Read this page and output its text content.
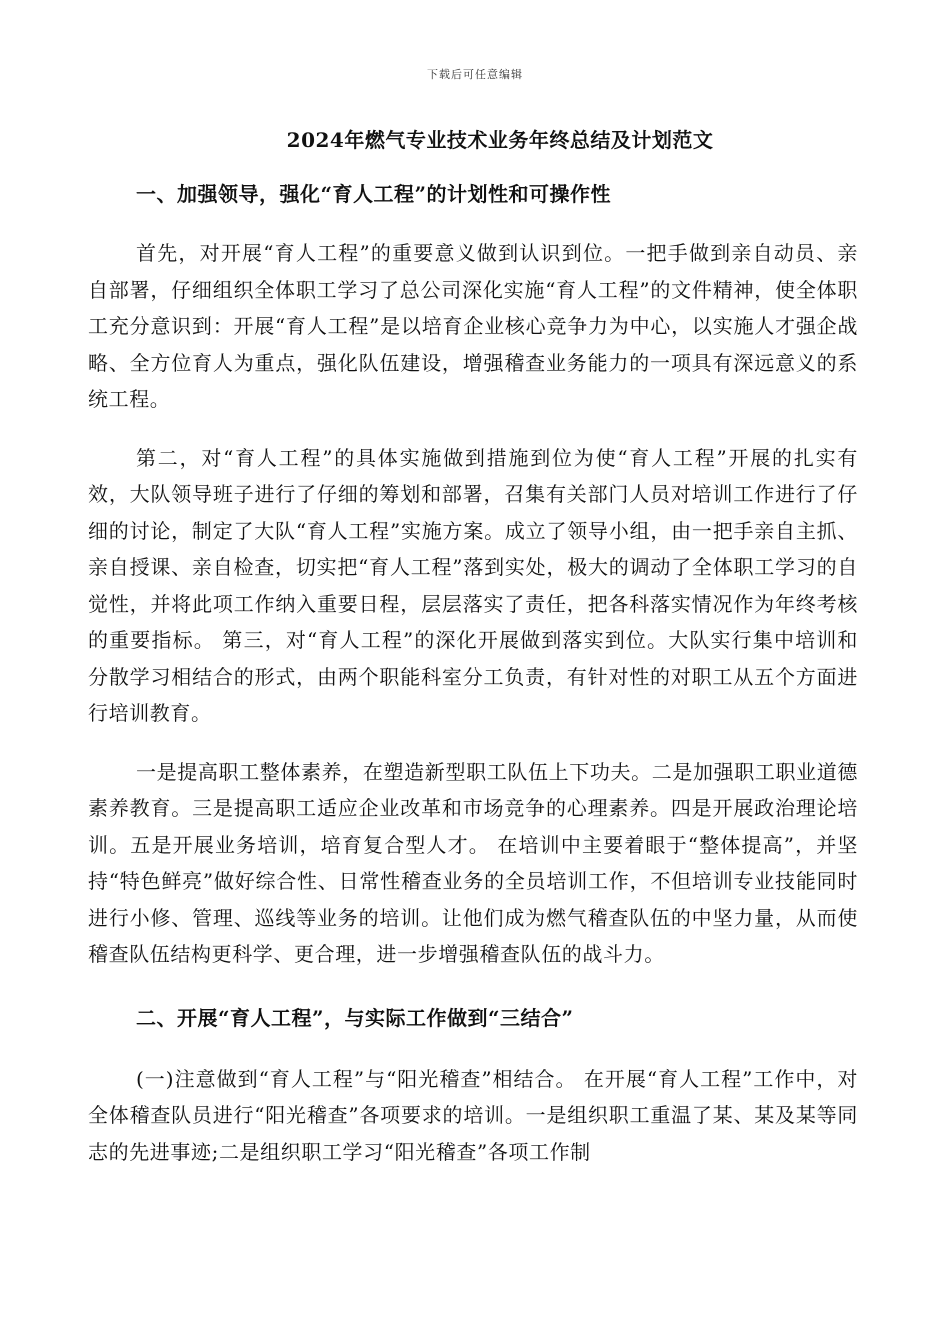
下载后可任意编辑
2024年燃气专业技术业务年终总结及计划范文
一、加强领导，强化“育人工程”的计划性和可操作性

首先，对开展“育人工程”的重要意义做到认识到位。一把手做到亲自动员、亲自部署，仔细组织全体职工学习了总公司深化实施“育人工程”的文件精神，使全体职工充分意识到：开展“育人工程”是以培育企业核心竞争力为中心，以实施人才强企战略、全方位育人为重点，强化队伍建设，增强稽查业务能力的一项具有深远意义的系统工程。

第二，对“育人工程”的具体实施做到措施到位为使“育人工程”开展的扎实有效，大队领导班子进行了仔细的筹划和部署，召集有关部门人员对培训工作进行了仔细的讨论，制定了大队“育人工程”实施方案。成立了领导小组，由一把手亲自主抓、亲自授课、亲自检查，切实把“育人工程”落到实处，极大的调动了全体职工学习的自觉性，并将此项工作纳入重要日程，层层落实了责任，把各科落实情况作为年终考核的重要指标。 第三，对“育人工程”的深化开展做到落实到位。大队实行集中培训和分散学习相结合的形式，由两个职能科室分工负责，有针对性的对职工从五个方面进行培训教育。

一是提高职工整体素养，在塑造新型职工队伍上下功夫。二是加强职工职业道德素养教育。三是提高职工适应企业改革和市场竞争的心理素养。四是开展政治理论培训。五是开展业务培训，培育复合型人才。 在培训中主要着眼于“整体提高”，并坚持“特色鲜亮”做好综合性、日常性稽查业务的全员培训工作，不但培训专业技能同时进行小修、管理、巡线等业务的培训。让他们成为燃气稽查队伍的中坚力量，从而使稽查队伍结构更科学、更合理，进一步增强稽查队伍的战斗力。

二、开展“育人工程”，与实际工作做到“三结合”

(一)注意做到“育人工程”与“阳光稽查”相结合。 在开展“育人工程”工作中，对全体稽查队员进行“阳光稽查”各项要求的培训。一是组织职工重温了某、某及某等同志的先进事迹;二是组织职工学习“阳光稽查”各项工作制
